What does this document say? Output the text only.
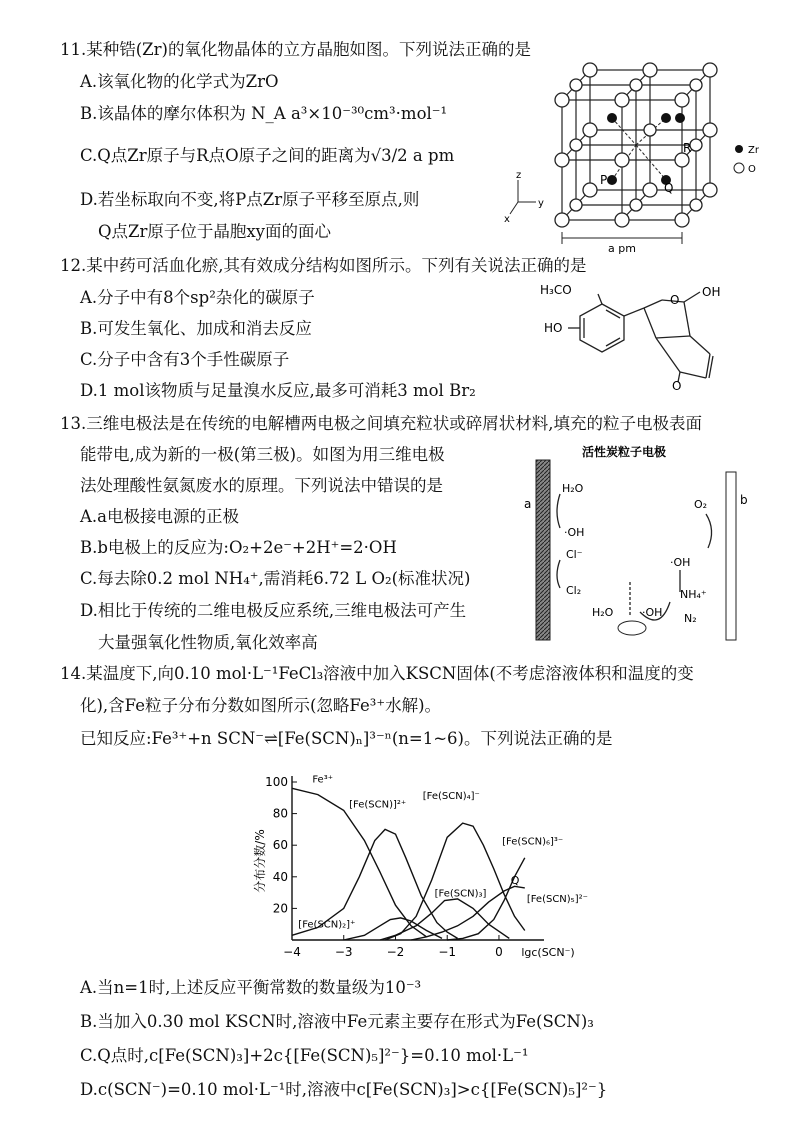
11.某种锆(Zr)的氧化物晶体的立方晶胞如图。下列说法正确的是
A.该氧化物的化学式为ZrO
B.该晶体的摩尔体积为 N_A a³×10⁻³⁰cm³·mol⁻¹
C.Q点Zr原子与R点O原子之间的距离为√3/2 a pm
D.若坐标取向不变,将P点Zr原子平移至原点,则
Q点Zr原子位于晶胞xy面的面心
R
P
Q
Zr
O
z
y
x
a pm
12.某中药可活血化瘀,其有效成分结构如图所示。下列有关说法正确的是
A.分子中有8个sp²杂化的碳原子
B.可发生氧化、加成和消去反应
C.分子中含有3个手性碳原子
D.1 mol该物质与足量溴水反应,最多可消耗3 mol Br₂
H₃CO
HO
O
OH
O
13.三维电极法是在传统的电解槽两电极之间填充粒状或碎屑状材料,填充的粒子电极表面
能带电,成为新的一极(第三极)。如图为用三维电极
法处理酸性氨氮废水的原理。下列说法中错误的是
A.a电极接电源的正极
B.b电极上的反应为:O₂+2e⁻+2H⁺=2·OH
C.每去除0.2 mol NH₄⁺,需消耗6.72 L O₂(标准状况)
D.相比于传统的二维电极反应系统,三维电极法可产生
大量强氧化性物质,氧化效率高
活性炭粒子电极
a	b
H₂O
·OH
Cl⁻
Cl₂
O₂
·OH
NH₄⁺
N₂
H₂O	·OH
14.某温度下,向0.10 mol·L⁻¹FeCl₃溶液中加入KSCN固体(不考虑溶液体积和温度的变
化),含Fe粒子分布分数如图所示(忽略Fe³⁺水解)。
已知反应:Fe³⁺+n SCN⁻⇌[Fe(SCN)ₙ]³⁻ⁿ(n=1~6)。下列说法正确的是
−4	−3	−2	−1	0
20
40
60
80
100
lgc(SCN⁻)
分布分数/%
Fe³⁺
[Fe(SCN)]²⁺
[Fe(SCN)₂]⁺
[Fe(SCN)₃]
[Fe(SCN)₄]⁻
[Fe(SCN)₅]²⁻
[Fe(SCN)₆]³⁻
Q
A.当n=1时,上述反应平衡常数的数量级为10⁻³
B.当加入0.30 mol KSCN时,溶液中Fe元素主要存在形式为Fe(SCN)₃
C.Q点时,c[Fe(SCN)₃]+2c{[Fe(SCN)₅]²⁻}=0.10 mol·L⁻¹
D.c(SCN⁻)=0.10 mol·L⁻¹时,溶液中c[Fe(SCN)₃]>c{[Fe(SCN)₅]²⁻}
